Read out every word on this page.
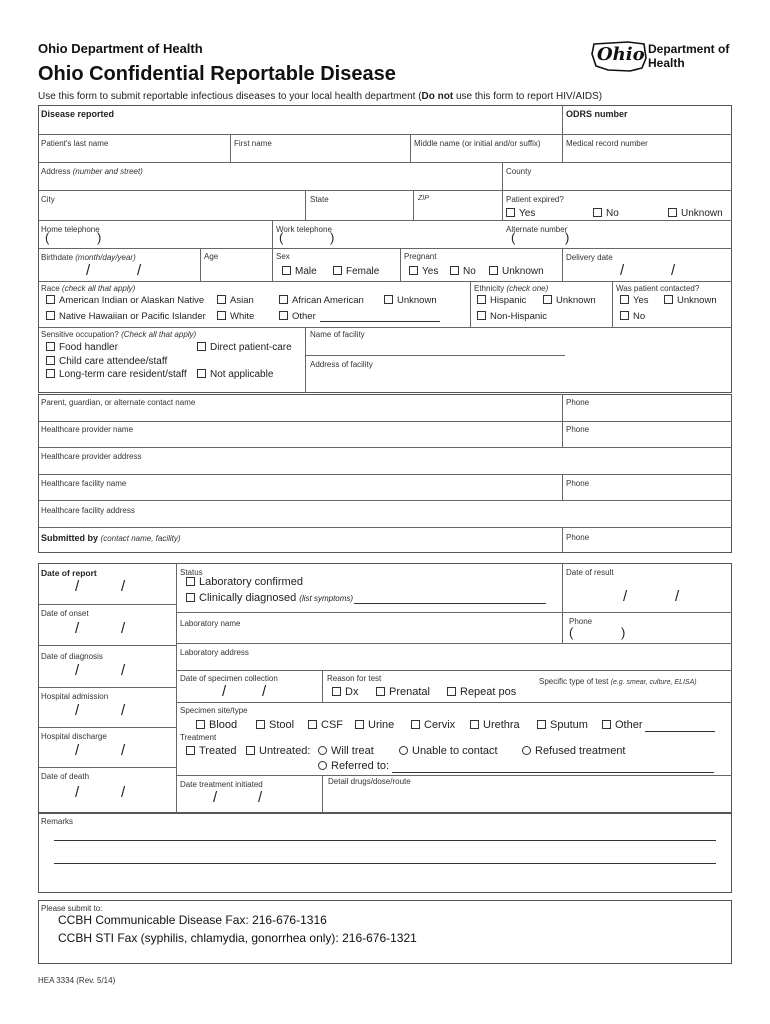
Ohio Department of Health
Ohio Confidential Reportable Disease
Use this form to submit reportable infectious diseases to your local health department (Do not use this form to report HIV/AIDS)
Ohio Department of
Health
Disease reported	ODRS number
Patient's last name	First name	Middle name (or initial and/or suffix)	Medical record number
Address (number and street)	County
City	State	ZIP	Patient expired?
Yes	No	Unknown
Home telephone
(	)
Work telephone
(	)
Alternate number
(	)
Birthdate (month/day/year)
/	/
Age	Sex
Male	Female
Pregnant
Yes	No	Unknown
Delivery date
/	/
Race (check all that apply)
American Indian or Alaskan Native	Asian	African American	Unknown
Native Hawaiian or Pacific Islander	White	Other
Ethnicity (check one)
Hispanic	Unknown
Non-Hispanic
Was patient contacted?
Yes	Unknown
No
Sensitive occupation? (Check all that apply)
Food handler	Direct patient-care
Child care attendee/staff
Long-term care resident/staff	Not applicable
Name of facility
Address of facility
Parent, guardian, or alternate contact name	Phone
Healthcare provider name	Phone
Healthcare provider address
Healthcare facility name	Phone
Healthcare facility address
Submitted by (contact name, facility)	Phone
Date of report
/	/
Date of onset
/	/
Date of diagnosis
/	/
Hospital admission
/	/
Hospital discharge
/	/
Date of death
/	/
Status
Laboratory confirmed
Clinically diagnosed (list symptoms)
Date of result
/	/
Laboratory name	Phone
(	)
Laboratory address
Date of specimen collection
/ /
Reason for test
Dx	Prenatal	Repeat pos
Specific type of test (e.g. smear, culture, ELISA)
Specimen site/type
Blood	Stool	CSF	Urine	Cervix	Urethra	Sputum	Other
Treatment
Treated	Untreated:	Will treat	Unable to contact	Refused treatment
Referred to:
Date treatment initiated
/	/
Detail drugs/dose/route
Remarks
Please submit to:
CCBH Communicable Disease Fax: 216-676-1316
CCBH STI Fax (syphilis, chlamydia, gonorrhea only): 216-676-1321
HEA 3334 (Rev. 5/14)
